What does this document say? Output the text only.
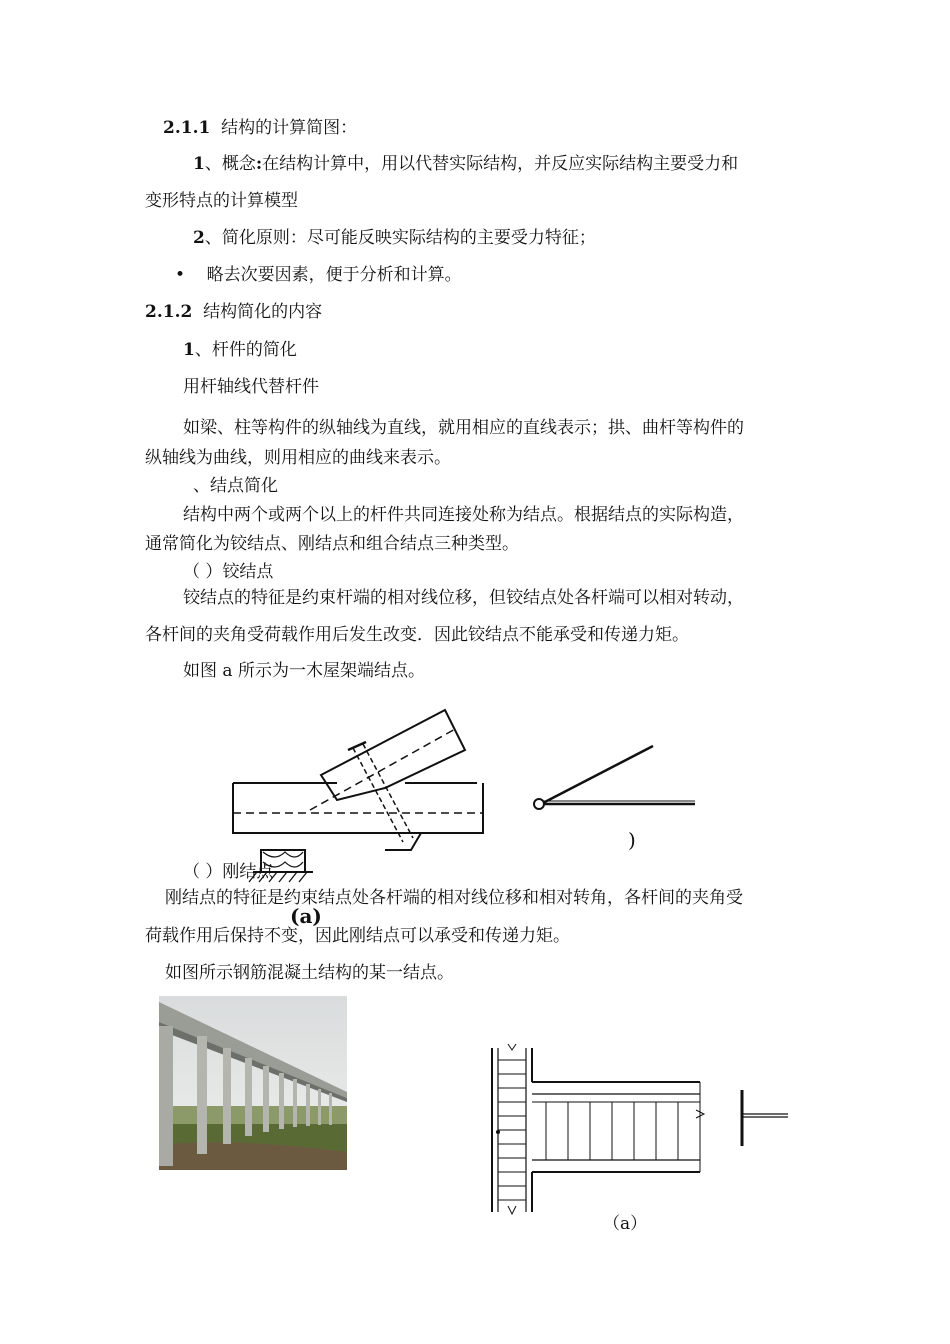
2.1.1 结构的计算简图：
1、概念:在结构计算中，用以代替实际结构，并反应实际结构主要受力和
变形特点的计算模型
2、简化原则：尽可能反映实际结构的主要受力特征；
• 略去次要因素，便于分析和计算。
2.1.2 结构简化的内容
1、杆件的简化
用杆轴线代替杆件
如梁、柱等构件的纵轴线为直线，就用相应的直线表示；拱、曲杆等构件的
纵轴线为曲线，则用相应的曲线来表示。
、结点简化
结构中两个或两个以上的杆件共同连接处称为结点。根据结点的实际构造，
通常简化为铰结点、刚结点和组合结点三种类型。
（ ）铰结点
铰结点的特征是约束杆端的相对线位移，但铰结点处各杆端可以相对转动，
各杆间的夹角受荷载作用后发生改变．因此铰结点不能承受和传递力矩。
如图 a 所示为一木屋架端结点。
)
（ ）刚结点
刚结点的特征是约束结点处各杆端的相对线位移和相对转角，各杆间的夹角受
(a)
荷载作用后保持不变，因此刚结点可以承受和传递力矩。
如图所示钢筋混凝土结构的某一结点。
（a）
